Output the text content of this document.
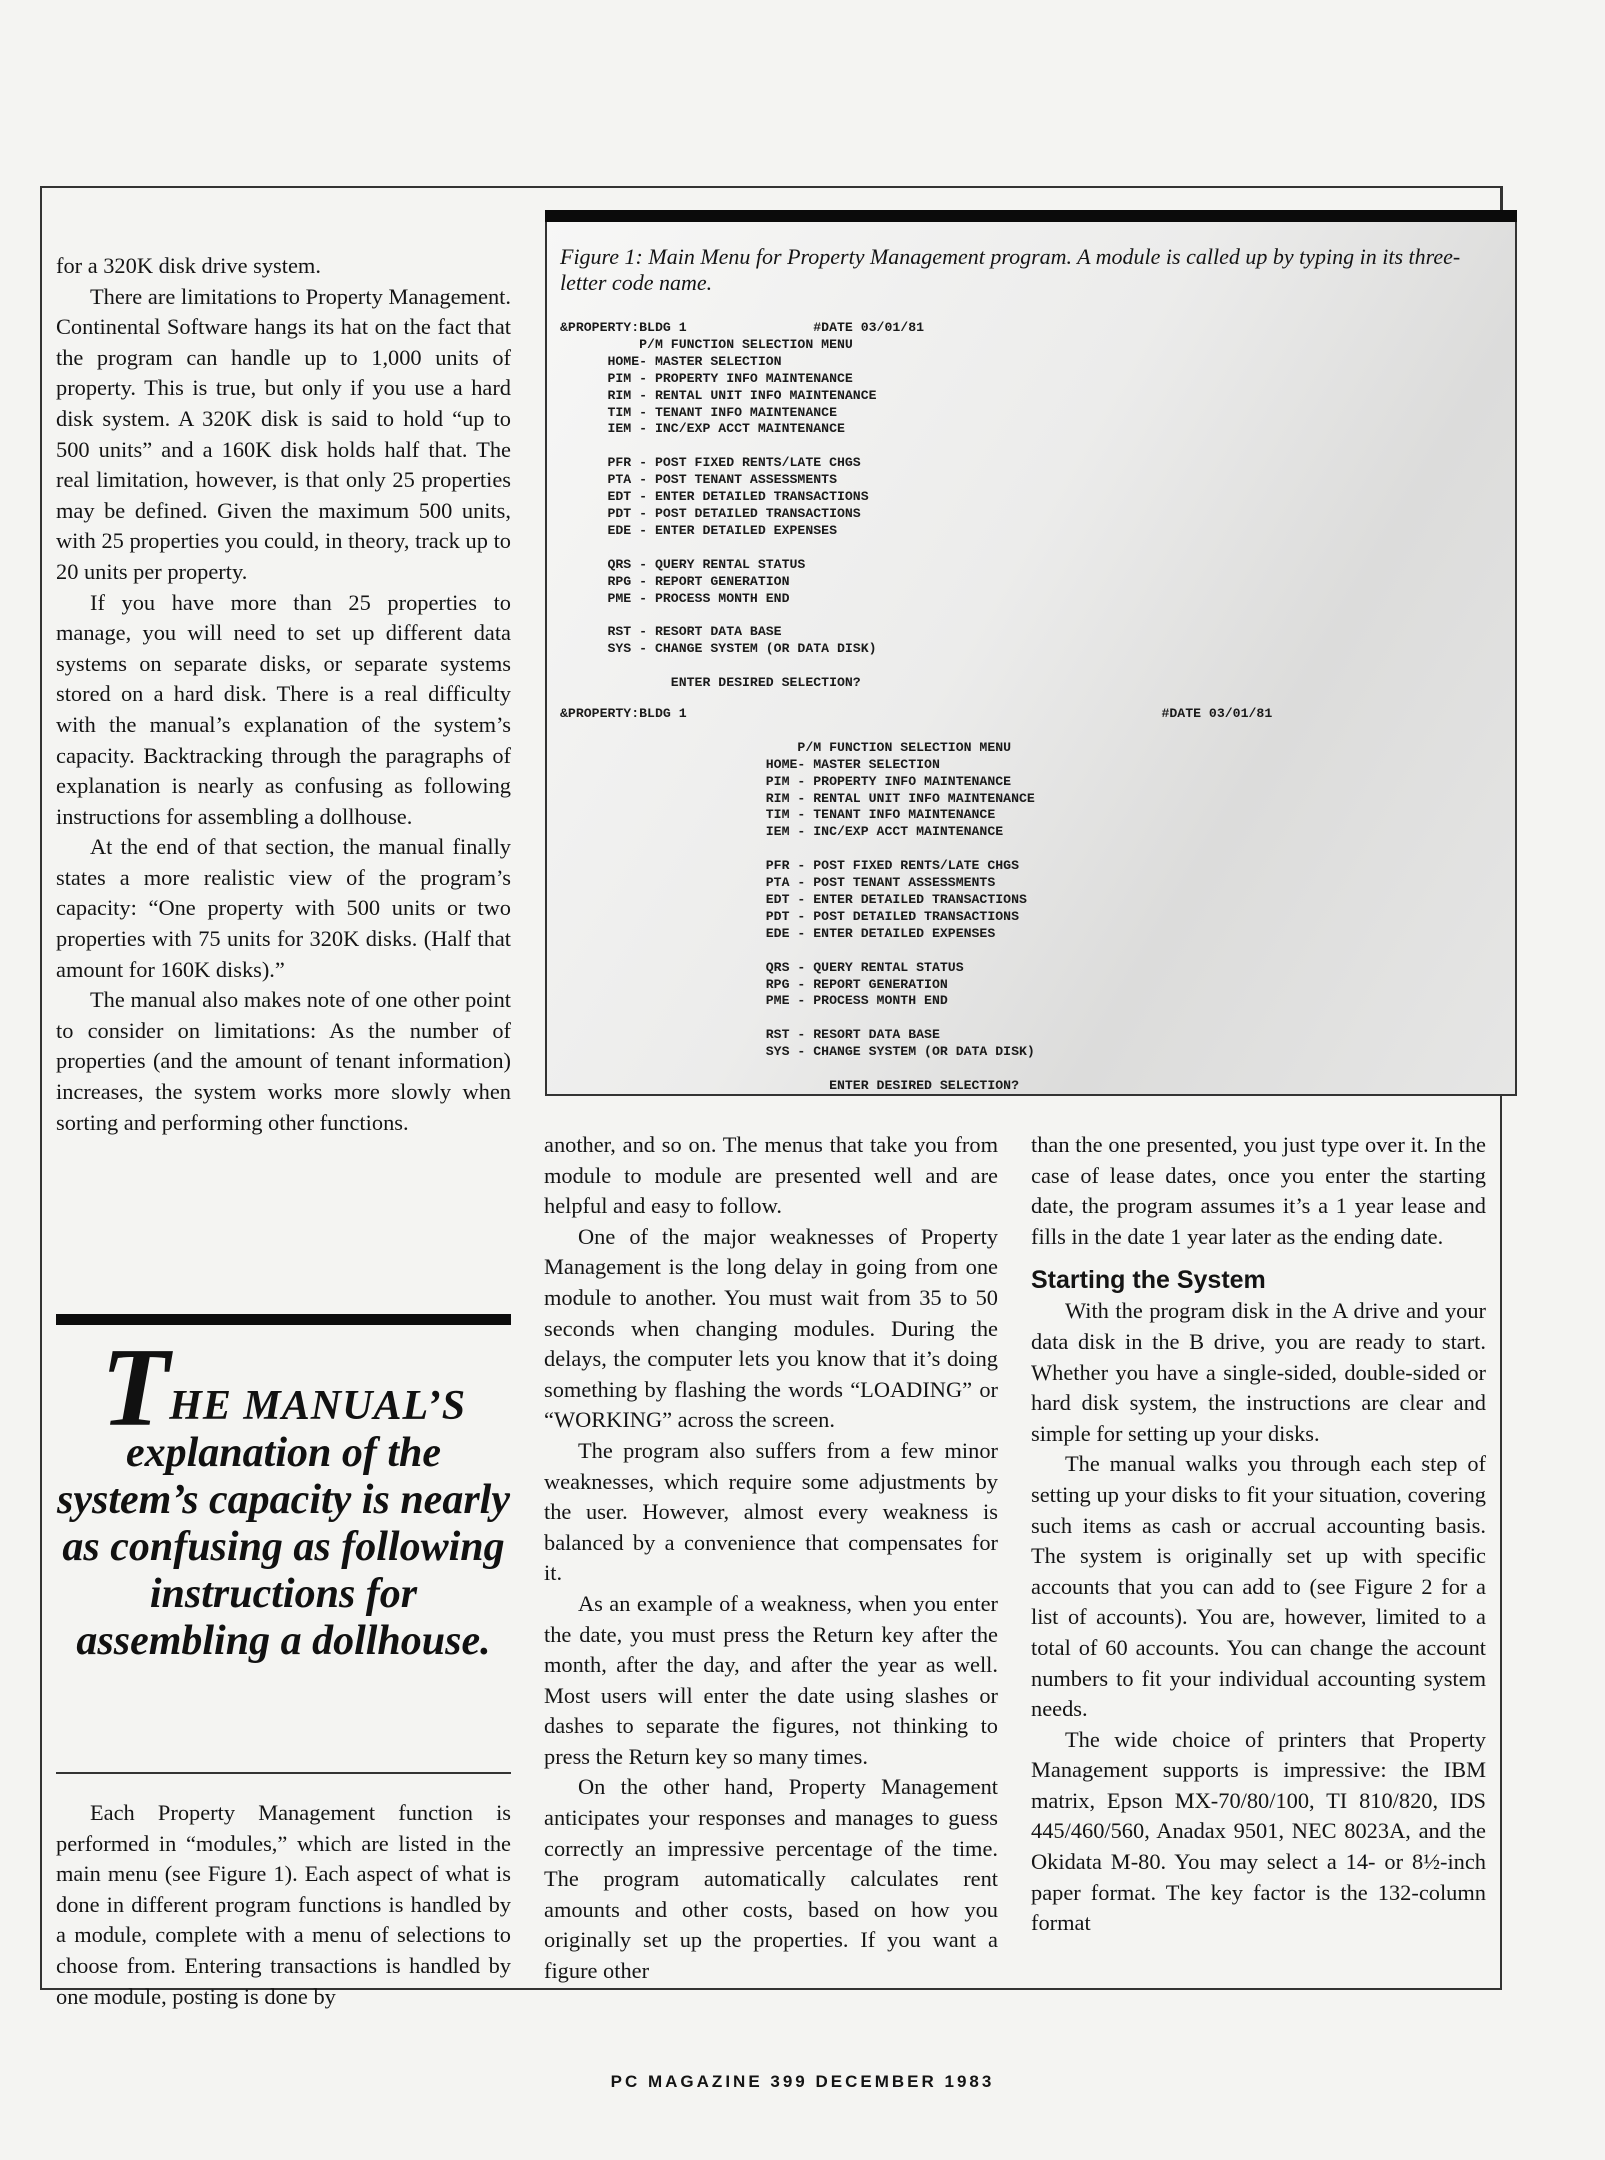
for a 320K disk drive system.

There are limitations to Property Management. Continental Software hangs its hat on the fact that the program can handle up to 1,000 units of property. This is true, but only if you use a hard disk system. A 320K disk is said to hold “up to 500 units” and a 160K disk holds half that. The real limitation, however, is that only 25 properties may be defined. Given the maximum 500 units, with 25 properties you could, in theory, track up to 20 units per property.

If you have more than 25 properties to manage, you will need to set up different data systems on separate disks, or separate systems stored on a hard disk. There is a real difficulty with the manual’s explanation of the system’s capacity. Backtracking through the paragraphs of explanation is nearly as confusing as following instructions for assembling a dollhouse.

At the end of that section, the manual finally states a more realistic view of the program’s capacity: “One property with 500 units or two properties with 75 units for 320K disks. (Half that amount for 160K disks).”

The manual also makes note of one other point to consider on limitations: As the number of properties (and the amount of tenant information) increases, the system works more slowly when sorting and performing other functions.

THE MANUAL’S
explanation of the system’s capacity is nearly as confusing as following instructions for assembling a dollhouse.

Each Property Management function is performed in “modules,” which are listed in the main menu (see Figure 1). Each aspect of what is done in different program functions is handled by a module, complete with a menu of selections to choose from. Entering transactions is handled by one module, posting is done by

Figure 1: Main Menu for Property Management program. A module is called up by typing in its three-letter code name.
&PROPERTY:BLDG 1                #DATE 03/01/81
P/M FUNCTION SELECTION MENU
HOME- MASTER SELECTION
PIM - PROPERTY INFO MAINTENANCE
RIM - RENTAL UNIT INFO MAINTENANCE
TIM - TENANT INFO MAINTENANCE
IEM - INC/EXP ACCT MAINTENANCE

PFR - POST FIXED RENTS/LATE CHGS
PTA - POST TENANT ASSESSMENTS
EDT - ENTER DETAILED TRANSACTIONS
PDT - POST DETAILED TRANSACTIONS
EDE - ENTER DETAILED EXPENSES

QRS - QUERY RENTAL STATUS
RPG - REPORT GENERATION
PME - PROCESS MONTH END

RST - RESORT DATA BASE
SYS - CHANGE SYSTEM (OR DATA DISK)

ENTER DESIRED SELECTION?
&PROPERTY:BLDG 1                                                            #DATE 03/01/81

P/M FUNCTION SELECTION MENU
HOME- MASTER SELECTION
PIM - PROPERTY INFO MAINTENANCE
RIM - RENTAL UNIT INFO MAINTENANCE
TIM - TENANT INFO MAINTENANCE
IEM - INC/EXP ACCT MAINTENANCE

PFR - POST FIXED RENTS/LATE CHGS
PTA - POST TENANT ASSESSMENTS
EDT - ENTER DETAILED TRANSACTIONS
PDT - POST DETAILED TRANSACTIONS
EDE - ENTER DETAILED EXPENSES

QRS - QUERY RENTAL STATUS
RPG - REPORT GENERATION
PME - PROCESS MONTH END

RST - RESORT DATA BASE
SYS - CHANGE SYSTEM (OR DATA DISK)

ENTER DESIRED SELECTION?

another, and so on. The menus that take you from module to module are presented well and are helpful and easy to follow.

One of the major weaknesses of Property Management is the long delay in going from one module to another. You must wait from 35 to 50 seconds when changing modules. During the delays, the computer lets you know that it’s doing something by flashing the words “LOADING” or “WORKING” across the screen.

The program also suffers from a few minor weaknesses, which require some adjustments by the user. However, almost every weakness is balanced by a convenience that compensates for it.

As an example of a weakness, when you enter the date, you must press the Return key after the month, after the day, and after the year as well. Most users will enter the date using slashes or dashes to separate the figures, not thinking to press the Return key so many times.

On the other hand, Property Management anticipates your responses and manages to guess correctly an impressive percentage of the time. The program automatically calculates rent amounts and other costs, based on how you originally set up the properties. If you want a figure other

than the one presented, you just type over it. In the case of lease dates, once you enter the starting date, the program assumes it’s a 1 year lease and fills in the date 1 year later as the ending date.

Starting the System

With the program disk in the A drive and your data disk in the B drive, you are ready to start. Whether you have a single-sided, double-sided or hard disk system, the instructions are clear and simple for setting up your disks.

The manual walks you through each step of setting up your disks to fit your situation, covering such items as cash or accrual accounting basis. The system is originally set up with specific accounts that you can add to (see Figure 2 for a list of accounts). You are, however, limited to a total of 60 accounts. You can change the account numbers to fit your individual accounting system needs.

The wide choice of printers that Property Management supports is impressive: the IBM matrix, Epson MX-70/80/100, TI 810/820, IDS 445/460/560, Anadax 9501, NEC 8023A, and the Okidata M-80. You may select a 14- or 8½-inch paper format. The key factor is the 132-column format

PC MAGAZINE 399 DECEMBER 1983
